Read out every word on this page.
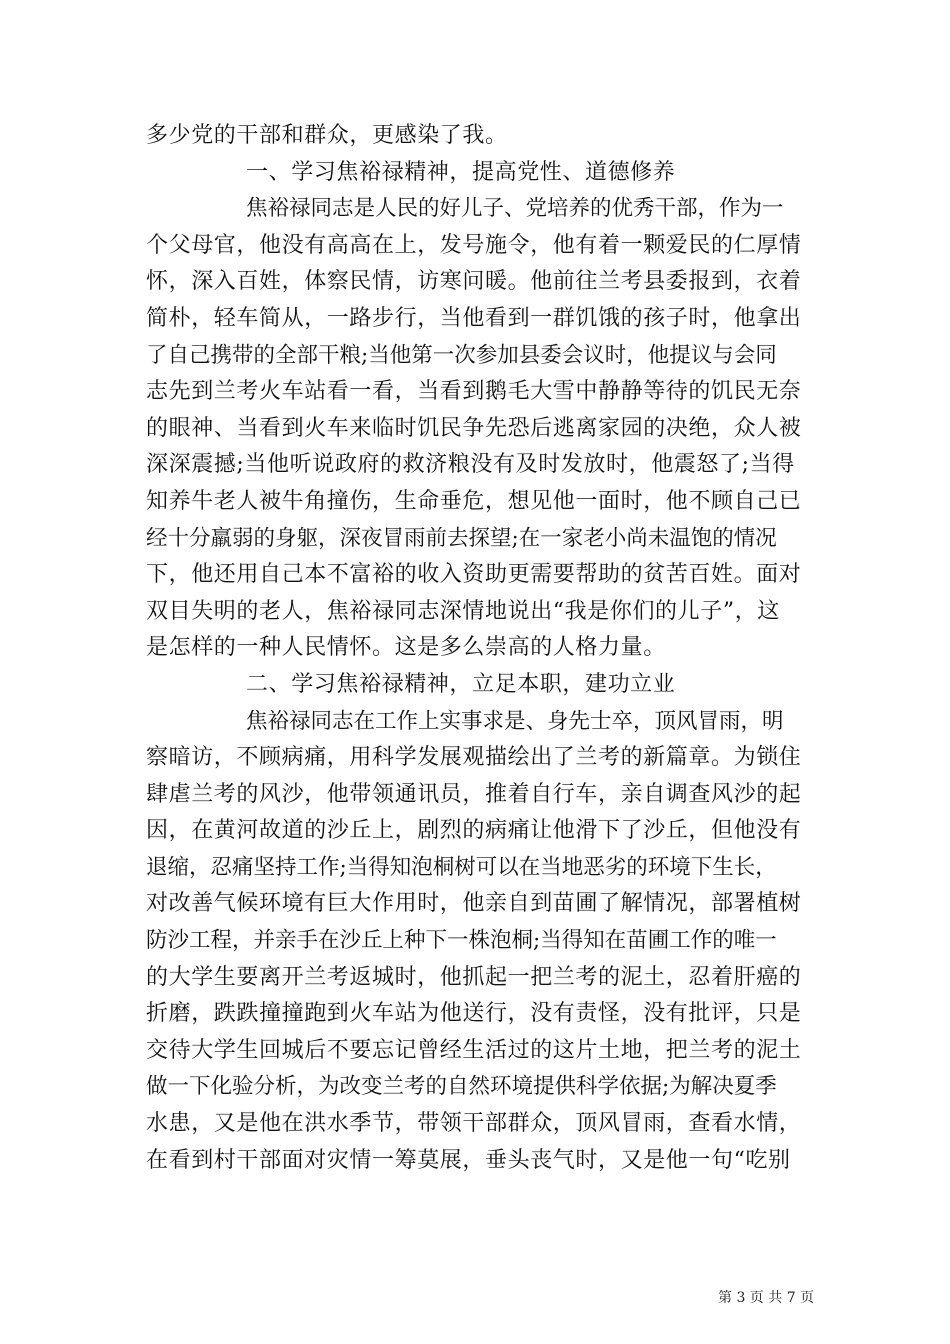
多少党的干部和群众，更感染了我。
一、学习焦裕禄精神，提高党性、道德修养
焦裕禄同志是人民的好儿子、党培养的优秀干部，作为一
个父母官，他没有高高在上，发号施令，他有着一颗爱民的仁厚情
怀，深入百姓，体察民情，访寒问暖。他前往兰考县委报到，衣着
简朴，轻车简从，一路步行，当他看到一群饥饿的孩子时，他拿出
了自己携带的全部干粮;当他第一次参加县委会议时，他提议与会同
志先到兰考火车站看一看，当看到鹅毛大雪中静静等待的饥民无奈
的眼神、当看到火车来临时饥民争先恐后逃离家园的决绝，众人被
深深震撼;当他听说政府的救济粮没有及时发放时，他震怒了;当得
知养牛老人被牛角撞伤，生命垂危，想见他一面时，他不顾自己已
经十分羸弱的身躯，深夜冒雨前去探望;在一家老小尚未温饱的情况
下，他还用自己本不富裕的收入资助更需要帮助的贫苦百姓。面对
双目失明的老人，焦裕禄同志深情地说出“我是你们的儿子”，这
是怎样的一种人民情怀。这是多么崇高的人格力量。
二、学习焦裕禄精神，立足本职，建功立业
焦裕禄同志在工作上实事求是、身先士卒，顶风冒雨，明
察暗访，不顾病痛，用科学发展观描绘出了兰考的新篇章。为锁住
肆虐兰考的风沙，他带领通讯员，推着自行车，亲自调查风沙的起
因，在黄河故道的沙丘上，剧烈的病痛让他滑下了沙丘，但他没有
退缩，忍痛坚持工作;当得知泡桐树可以在当地恶劣的环境下生长，
对改善气候环境有巨大作用时，他亲自到苗圃了解情况，部署植树
防沙工程，并亲手在沙丘上种下一株泡桐;当得知在苗圃工作的唯一
的大学生要离开兰考返城时，他抓起一把兰考的泥土，忍着肝癌的
折磨，跌跌撞撞跑到火车站为他送行，没有责怪，没有批评，只是
交待大学生回城后不要忘记曾经生活过的这片土地，把兰考的泥土
做一下化验分析，为改变兰考的自然环境提供科学依据;为解决夏季
水患，又是他在洪水季节，带领干部群众，顶风冒雨，查看水情，
在看到村干部面对灾情一筹莫展，垂头丧气时，又是他一句“吃别
第 3 页 共 7 页
